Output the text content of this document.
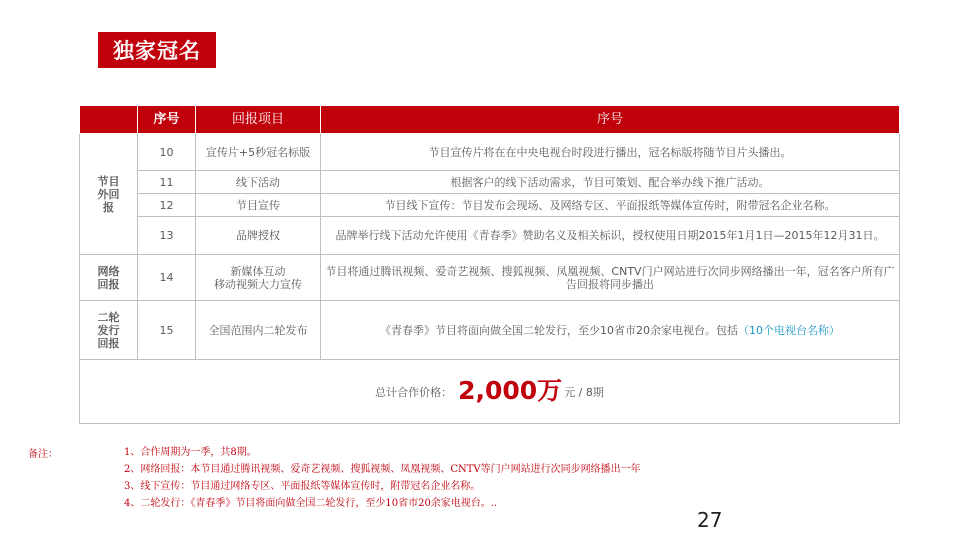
独家冠名
	序号	回报项目	序号
节目
外回
报	10	宣传片+5秒冠名标版	节目宣传片将在在中央电视台时段进行播出，冠名标版将随节目片头播出。
	11	线下活动	根据客户的线下活动需求，节目可策划、配合举办线下推广活动。
	12	节目宣传	节目线下宣传：节目发布会现场、及网络专区、平面报纸等媒体宣传时，附带冠名企业名称。
	13	品牌授权	品牌举行线下活动允许使用《青春季》赞助名义及相关标识，授权使用日期2015年1月1日—2015年12月31日。
网络
回报	14	新媒体互动
移动视频大力宣传	节目将通过腾讯视频、爱奇艺视频、搜狐视频、凤凰视频、CNTV门户网站进行次同步网络播出一年，冠名客户所有广告回报将同步播出
二轮
发行
回报	15	全国范围内二轮发布	《青春季》节目将面向做全国二轮发行，至少10省市20余家电视台。包括（10个电视台名称）
总计合作价格： 2,000万 元 / 8期			
备注：	1、合作周期为一季，共8期。
2、网络回报：本节目通过腾讯视频、爱奇艺视频、搜狐视频、凤凰视频、CNTV等门户网站进行次同步网络播出一年
3、线下宣传：节目通过网络专区、平面报纸等媒体宣传时，附带冠名企业名称。
4、二轮发行：《青春季》节目将面向做全国二轮发行，至少10省市20余家电视台。..
27
